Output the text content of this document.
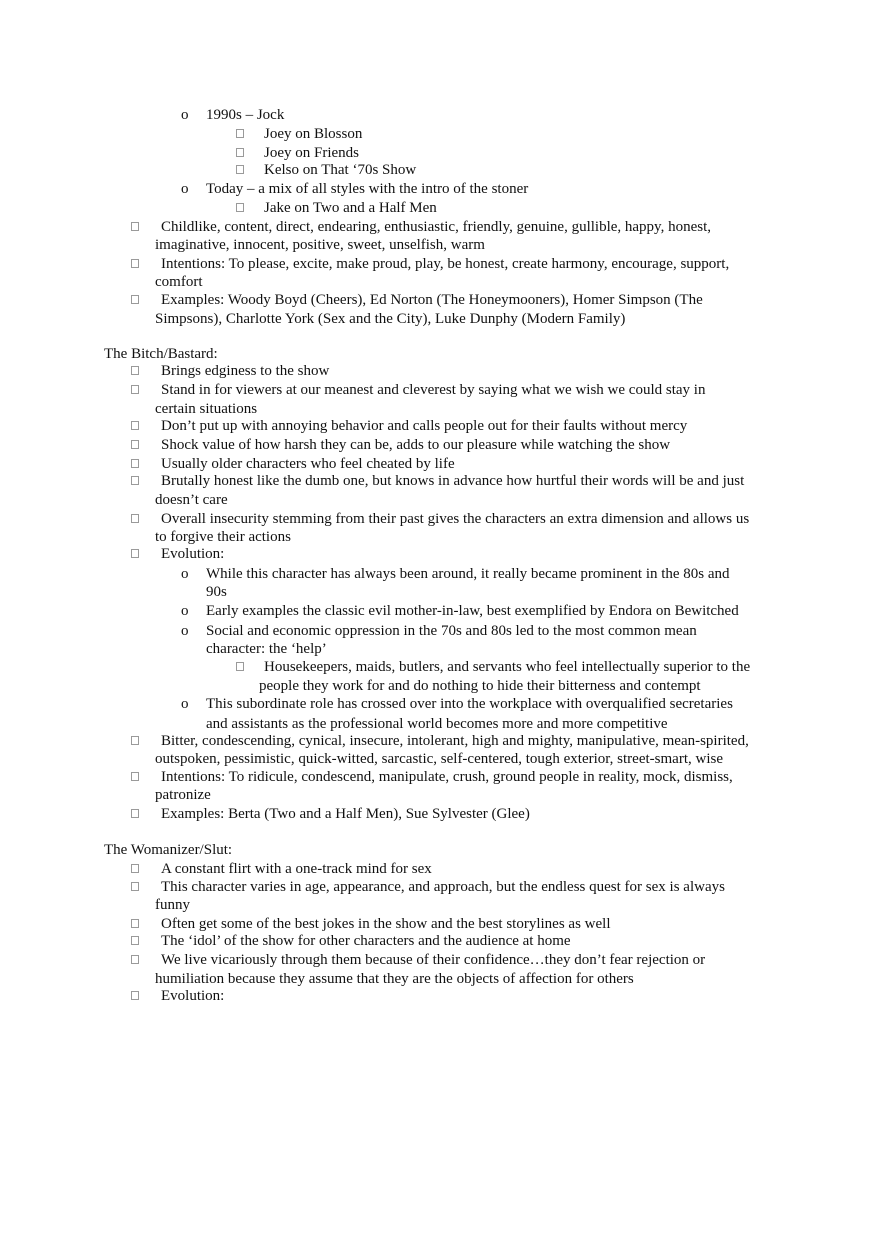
o 1990s – Jock
Joey on Blosson
Joey on Friends
Kelso on That ‘70s Show
o Today – a mix of all styles with the intro of the stoner
Jake on Two and a Half Men
Childlike, content, direct, endearing, enthusiastic, friendly, genuine, gullible, happy, honest,
imaginative, innocent, positive, sweet, unselfish, warm
Intentions: To please, excite, make proud, play, be honest, create harmony, encourage, support,
comfort
Examples: Woody Boyd (Cheers), Ed Norton (The Honeymooners), Homer Simpson (The
Simpsons), Charlotte York (Sex and the City), Luke Dunphy (Modern Family)
The Bitch/Bastard:
Brings edginess to the show
Stand in for viewers at our meanest and cleverest by saying what we wish we could stay in
certain situations
Don’t put up with annoying behavior and calls people out for their faults without mercy
Shock value of how harsh they can be, adds to our pleasure while watching the show
Usually older characters who feel cheated by life
Brutally honest like the dumb one, but knows in advance how hurtful their words will be and just
doesn’t care
Overall insecurity stemming from their past gives the characters an extra dimension and allows us
to forgive their actions
Evolution:
o While this character has always been around, it really became prominent in the 80s and
90s
o Early examples the classic evil mother-in-law, best exemplified by Endora on Bewitched
o Social and economic oppression in the 70s and 80s led to the most common mean
character: the ‘help’
Housekeepers, maids, butlers, and servants who feel intellectually superior to the
people they work for and do nothing to hide their bitterness and contempt
o This subordinate role has crossed over into the workplace with overqualified secretaries
and assistants as the professional world becomes more and more competitive
Bitter, condescending, cynical, insecure, intolerant, high and mighty, manipulative, mean-spirited,
outspoken, pessimistic, quick-witted, sarcastic, self-centered, tough exterior, street-smart, wise
Intentions: To ridicule, condescend, manipulate, crush, ground people in reality, mock, dismiss,
patronize
Examples: Berta (Two and a Half Men), Sue Sylvester (Glee)
The Womanizer/Slut:
A constant flirt with a one-track mind for sex
This character varies in age, appearance, and approach, but the endless quest for sex is always
funny
Often get some of the best jokes in the show and the best storylines as well
The ‘idol’ of the show for other characters and the audience at home
We live vicariously through them because of their confidence…they don’t fear rejection or
humiliation because they assume that they are the objects of affection for others
Evolution:
